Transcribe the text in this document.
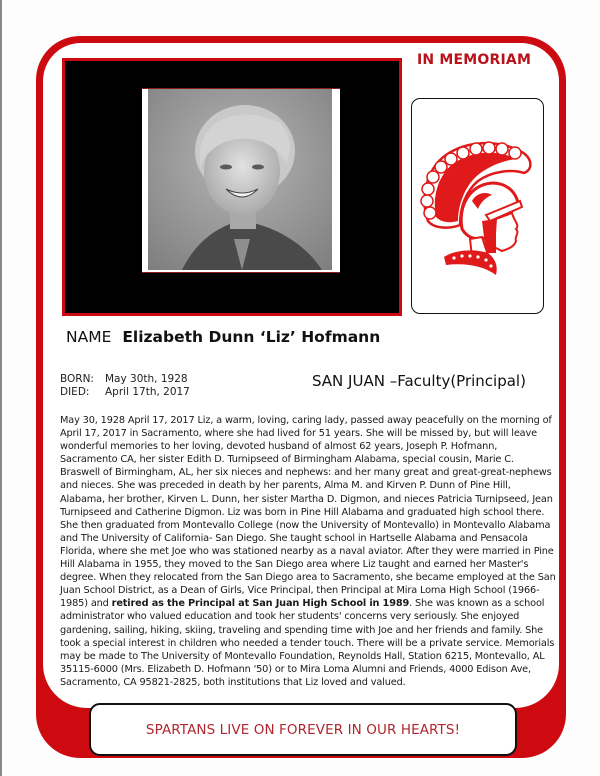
IN MEMORIAM
NAME Elizabeth Dunn ‘Liz’ Hofmann
BORN:	May 30th, 1928
DIED:	April 17th, 2017
SAN JUAN –Faculty(Principal)
May 30, 1928 April 17, 2017 Liz, a warm, loving, caring lady, passed away peacefully on the morning of April 17, 2017 in Sacramento, where she had lived for 51 years. She will be missed by, but will leave wonderful memories to her loving, devoted husband of almost 62 years, Joseph P. Hofmann, Sacramento CA, her sister Edith D. Turnipseed of Birmingham Alabama, special cousin, Marie C. Braswell of Birmingham, AL, her six nieces and nephews: and her many great and great-great-nephews and nieces. She was preceded in death by her parents, Alma M. and Kirven P. Dunn of Pine Hill, Alabama, her brother, Kirven L. Dunn, her sister Martha D. Digmon, and nieces Patricia Turnipseed, Jean Turnipseed and Catherine Digmon. Liz was born in Pine Hill Alabama and graduated high school there. She then graduated from Montevallo College (now the University of Montevallo) in Montevallo Alabama and The University of California- San Diego. She taught school in Hartselle Alabama and Pensacola Florida, where she met Joe who was stationed nearby as a naval aviator. After they were married in Pine Hill Alabama in 1955, they moved to the San Diego area where Liz taught and earned her Master's degree. When they relocated from the San Diego area to Sacramento, she became employed at the San Juan School District, as a Dean of Girls, Vice Principal, then Principal at Mira Loma High School (1966-1985) and retired as the Principal at San Juan High School in 1989. She was known as a school administrator who valued education and took her students' concerns very seriously. She enjoyed gardening, sailing, hiking, skiing, traveling and spending time with Joe and her friends and family. She took a special interest in children who needed a tender touch. There will be a private service. Memorials may be made to The University of Montevallo Foundation, Reynolds Hall, Station 6215, Montevallo, AL 35115-6000 (Mrs. Elizabeth D. Hofmann '50) or to Mira Loma Alumni and Friends, 4000 Edison Ave, Sacramento, CA 95821-2825, both institutions that Liz loved and valued.
SPARTANS LIVE ON FOREVER IN OUR HEARTS!
